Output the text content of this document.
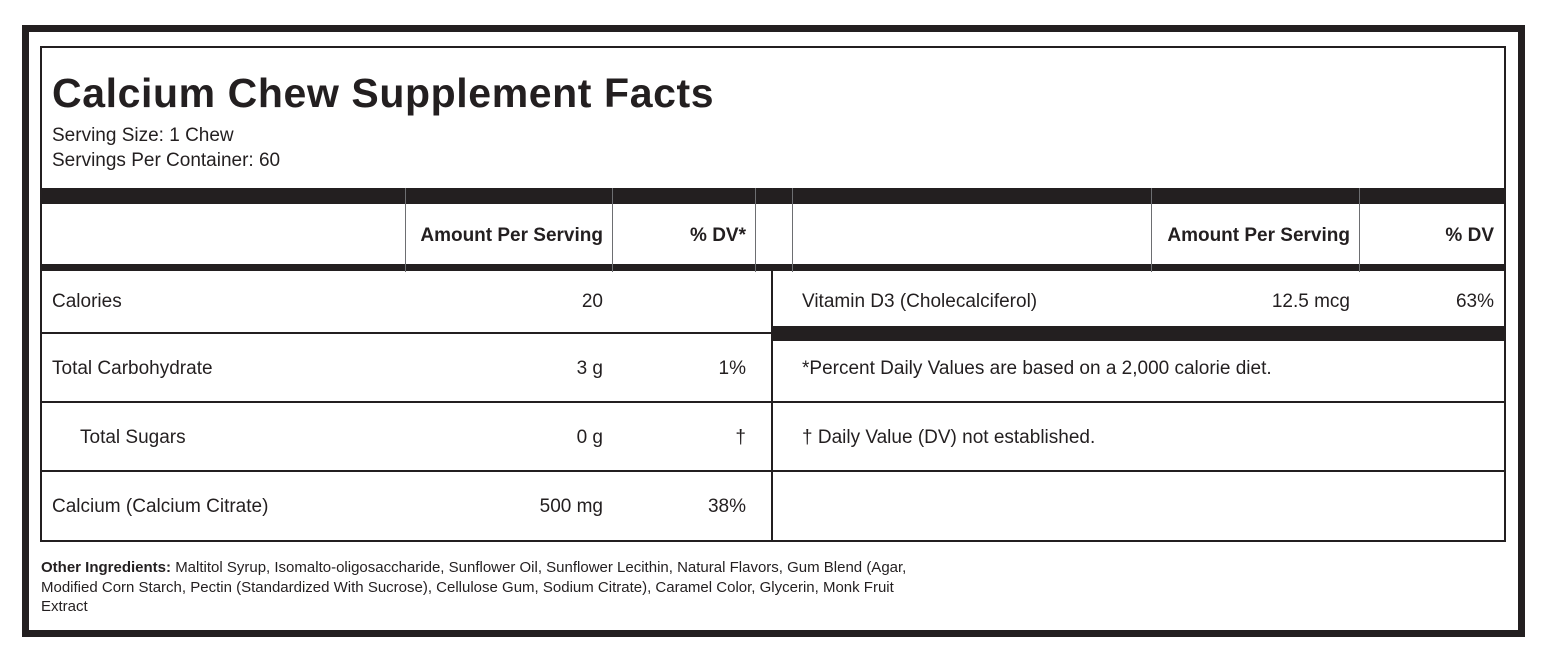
Calcium Chew Supplement Facts
Serving Size: 1 Chew
Servings Per Container: 60
Amount Per Serving	% DV*	Amount Per Serving	% DV
Calories	20
Total Carbohydrate	3 g	1%
Total Sugars	0 g	†
Calcium (Calcium Citrate)	500 mg	38%
Vitamin D3 (Cholecalciferol)	12.5 mcg	63%
*Percent Daily Values are based on a 2,000 calorie diet.
† Daily Value (DV) not established.
Other Ingredients: Maltitol Syrup, Isomalto-oligosaccharide, Sunflower Oil, Sunflower Lecithin, Natural Flavors, Gum Blend (Agar, Modified Corn Starch, Pectin (Standardized With Sucrose), Cellulose Gum, Sodium Citrate), Caramel Color, Glycerin, Monk Fruit Extract
